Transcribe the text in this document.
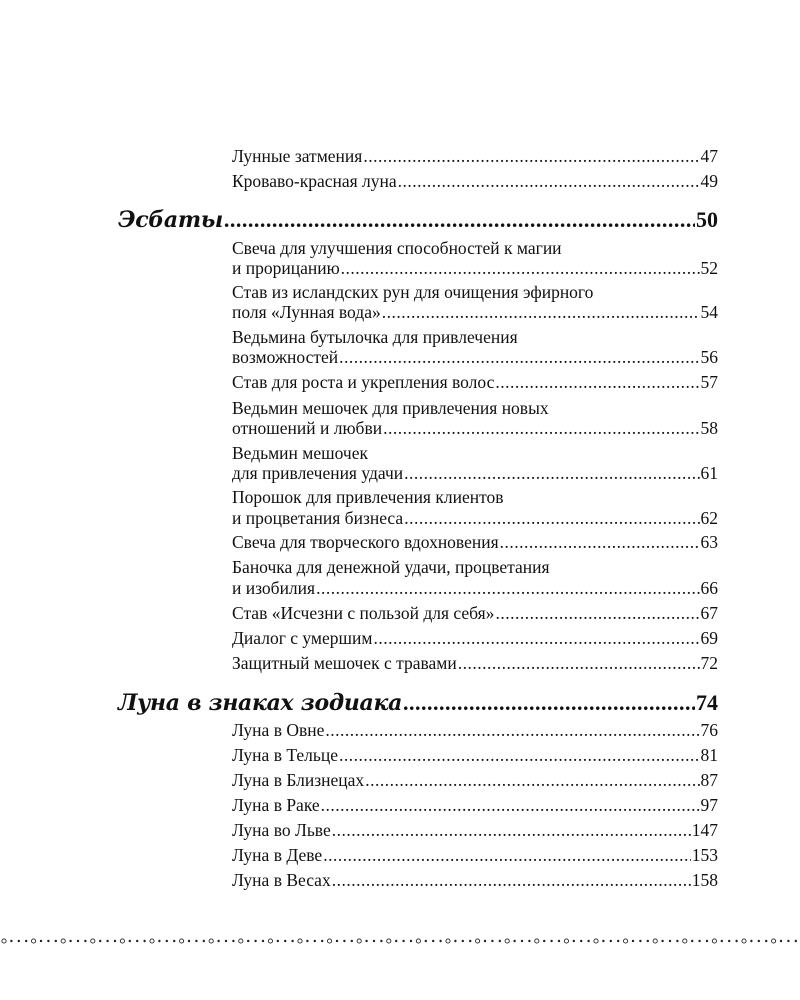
Лунные затмения .....	47
Кроваво-красная луна .....	49
Эсбаты .....	50
Свеча для улучшения способностей к магии
и прорицанию .....	52
Став из исландских рун для очищения эфирного
поля «Лунная вода» .....	54
Ведьмина бутылочка для привлечения
возможностей .....	56
Став для роста и укрепления волос .....	57
Ведьмин мешочек для привлечения новых
отношений и любви .....	58
Ведьмин мешочек
для привлечения удачи .....	61
Порошок для привлечения клиентов
и процветания бизнеса .....	62
Свеча для творческого вдохновения .....	63
Баночка для денежной удачи, процветания
и изобилия .....	66
Став «Исчезни с пользой для себя» .....	67
Диалог с умершим .....	69
Защитный мешочек с травами .....	72
Луна в знаках зодиака .....	74
Луна в Овне .....	76
Луна в Тельце .....	81
Луна в Близнецах .....	87
Луна в Раке .....	97
Луна во Льве .....	147
Луна в Деве .....	153
Луна в Весах .....	158
